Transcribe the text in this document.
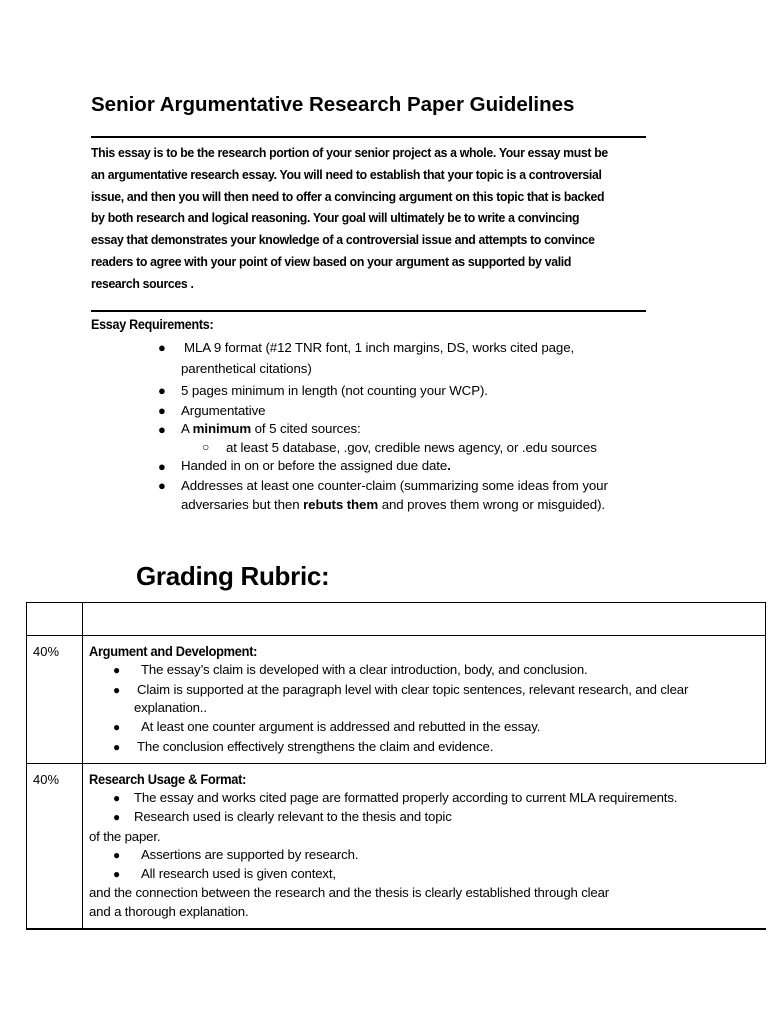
Senior Argumentative Research Paper Guidelines
This essay is to be the research portion of your senior project as a whole. Your essay must be
an argumentative research essay. You will need to establish that your topic is a controversial
issue, and then you will then need to offer a convincing argument on this topic that is backed
by both research and logical reasoning. Your goal will ultimately be to write a convincing
essay that demonstrates your knowledge of a controversial issue and attempts to convince
readers to agree with your point of view based on your argument as supported by valid
research sources .
Essay Requirements:
● MLA 9 format (#12 TNR font, 1 inch margins, DS, works cited page,
parenthetical citations)
● 5 pages minimum in length (not counting your WCP).
● Argumentative
● A minimum of 5 cited sources:
○ at least 5 database, .gov, credible news agency, or .edu sources
● Handed in on or before the assigned due date.
● Addresses at least one counter-claim (summarizing some ideas from your
adversaries but then rebuts them and proves them wrong or misguided).
Grading Rubric:
40% Argument and Development:
● The essay’s claim is developed with a clear introduction, body, and conclusion.
● Claim is supported at the paragraph level with clear topic sentences, relevant research, and clear
explanation..
● At least one counter argument is addressed and rebutted in the essay.
● The conclusion effectively strengthens the claim and evidence.
40% Research Usage & Format:
● The essay and works cited page are formatted properly according to current MLA requirements.
● Research used is clearly relevant to the thesis and topic
of the paper.
● Assertions are supported by research.
● All research used is given context,
and the connection between the research and the thesis is clearly established through clear
and a thorough explanation.
